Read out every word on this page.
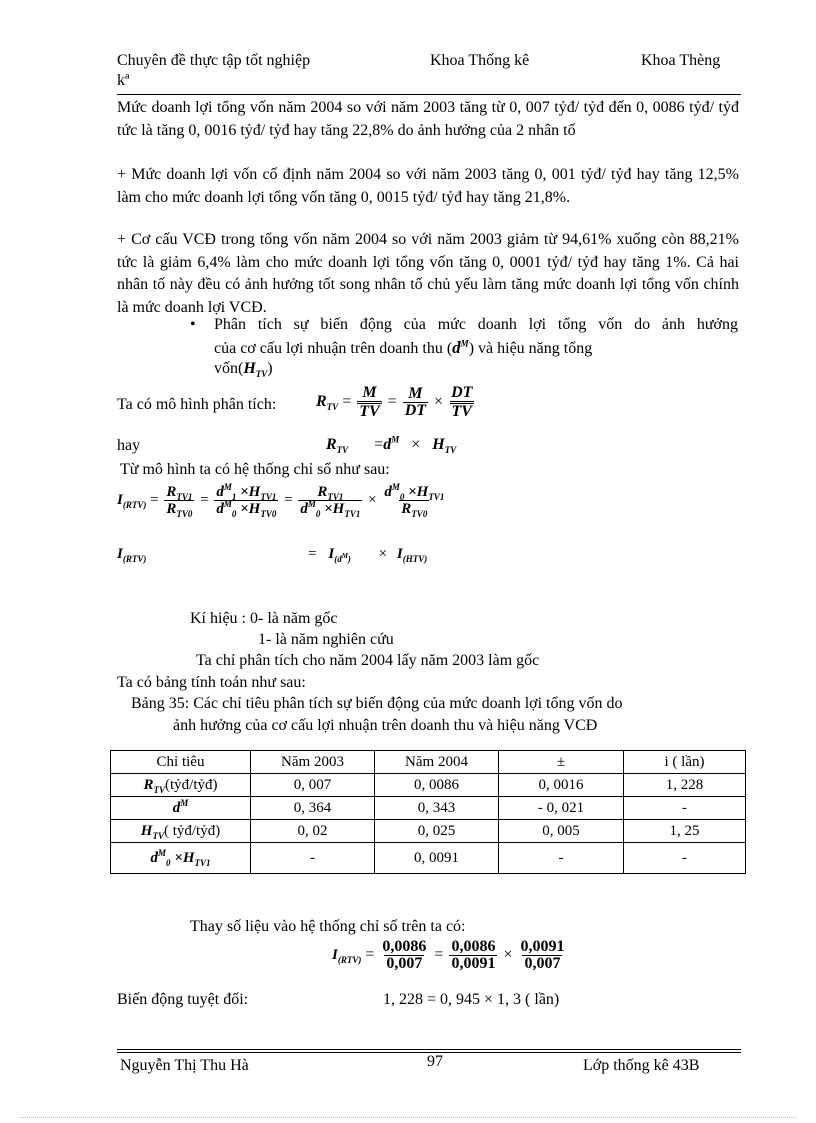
Chuyên đề thực tập tốt nghiệp
kª
Khoa Thống kê	Khoa Thèng
Mức doanh lợi tổng vốn năm 2004 so với năm 2003 tăng từ 0, 007 tỷđ/ tỷđ đến 0, 0086 tỷđ/ tỷđ tức là tăng 0, 0016 tỷđ/ tỷđ hay tăng 22,8% do ảnh hưởng của 2 nhân tố
+ Mức doanh lợi vốn cố định năm 2004 so với năm 2003 tăng 0, 001 tỷđ/ tỷđ hay tăng 12,5% làm cho mức doanh lợi tổng vốn tăng 0, 0015 tỷđ/ tỷđ hay tăng 21,8%.
+ Cơ cấu VCĐ trong tổng vốn năm 2004 so với năm 2003 giảm từ 94,61% xuống còn 88,21% tức là giảm 6,4% làm cho mức doanh lợi tổng vốn tăng 0, 0001 tỷđ/ tỷđ hay tăng 1%. Cả hai nhân tố này đều có ảnh hưởng tốt song nhân tố chủ yếu làm tăng mức doanh lợi tổng vốn chính là mức doanh lợi VCĐ.
• Phân tích sự biến động của mức doanh lợi tổng vốn do ảnh hưởng
của cơ cấu lợi nhuận trên doanh thu $(d^M)$ và hiệu năng tổng
$vốn(H_{TV})$
Ta có mô hình phân tích: $R_{TV} = \frac{M}{TV} = \frac{M}{DT} \times \frac{DT}{TV}$
hay	$R_{TV} =d^M \times H_{TV}$
Từ mô hình ta có hệ thống chỉ số như sau:
$I_{(RTV)} = \frac{R_{TV1}}{R_{TV0}} = \frac{d^M_1 \times H_{TV1}}{d^M_0 \times H_{TV0}} = \frac{R_{TV1}}{d^M_0 \times H_{TV1}} \times \frac{d^M_0 \times H_{TV1}}{R_{TV0}}$
$I_{(RTV)}$	= $I_{(d^M)} \times I_{(HTV)}$
Kí hiệu : 0- là năm gốc
1- là năm nghiên cứu
Ta chỉ phân tích cho năm 2004 lấy năm 2003 làm gốc
Ta có bảng tính toán như sau:
Bảng 35: Các chỉ tiêu phân tích sự biến động của mức doanh lợi tổng vốn do
ảnh hưởng của cơ cấu lợi nhuận trên doanh thu và hiệu năng VCĐ
Chỉ tiêu	Năm 2003	Năm 2004	±	i ( lần)
$R_{TV}(tỷđ/tỷđ)$	0, 007	0, 0086	0, 0016	1, 228
$d^M$	0, 364	0, 343	- 0, 021	-
$H_{TV}$( tỷđ/tỷđ)	0, 02	0, 025	0, 005	1, 25
$d^M_0 \times H_{TV1}$	-	0, 0091	-	-
Thay số liệu vào hệ thống chỉ số trên ta có:
$I_{(RTV)} = \frac{0,0086}{0,007} = \frac{0,0086}{0,0091} \times \frac{0,0091}{0,007}$
Biến động tuyệt đối:	1, 228 = 0, 945 × 1, 3 ( lần)
Nguyễn Thị Thu Hà	97	Lớp thống kê 43B
